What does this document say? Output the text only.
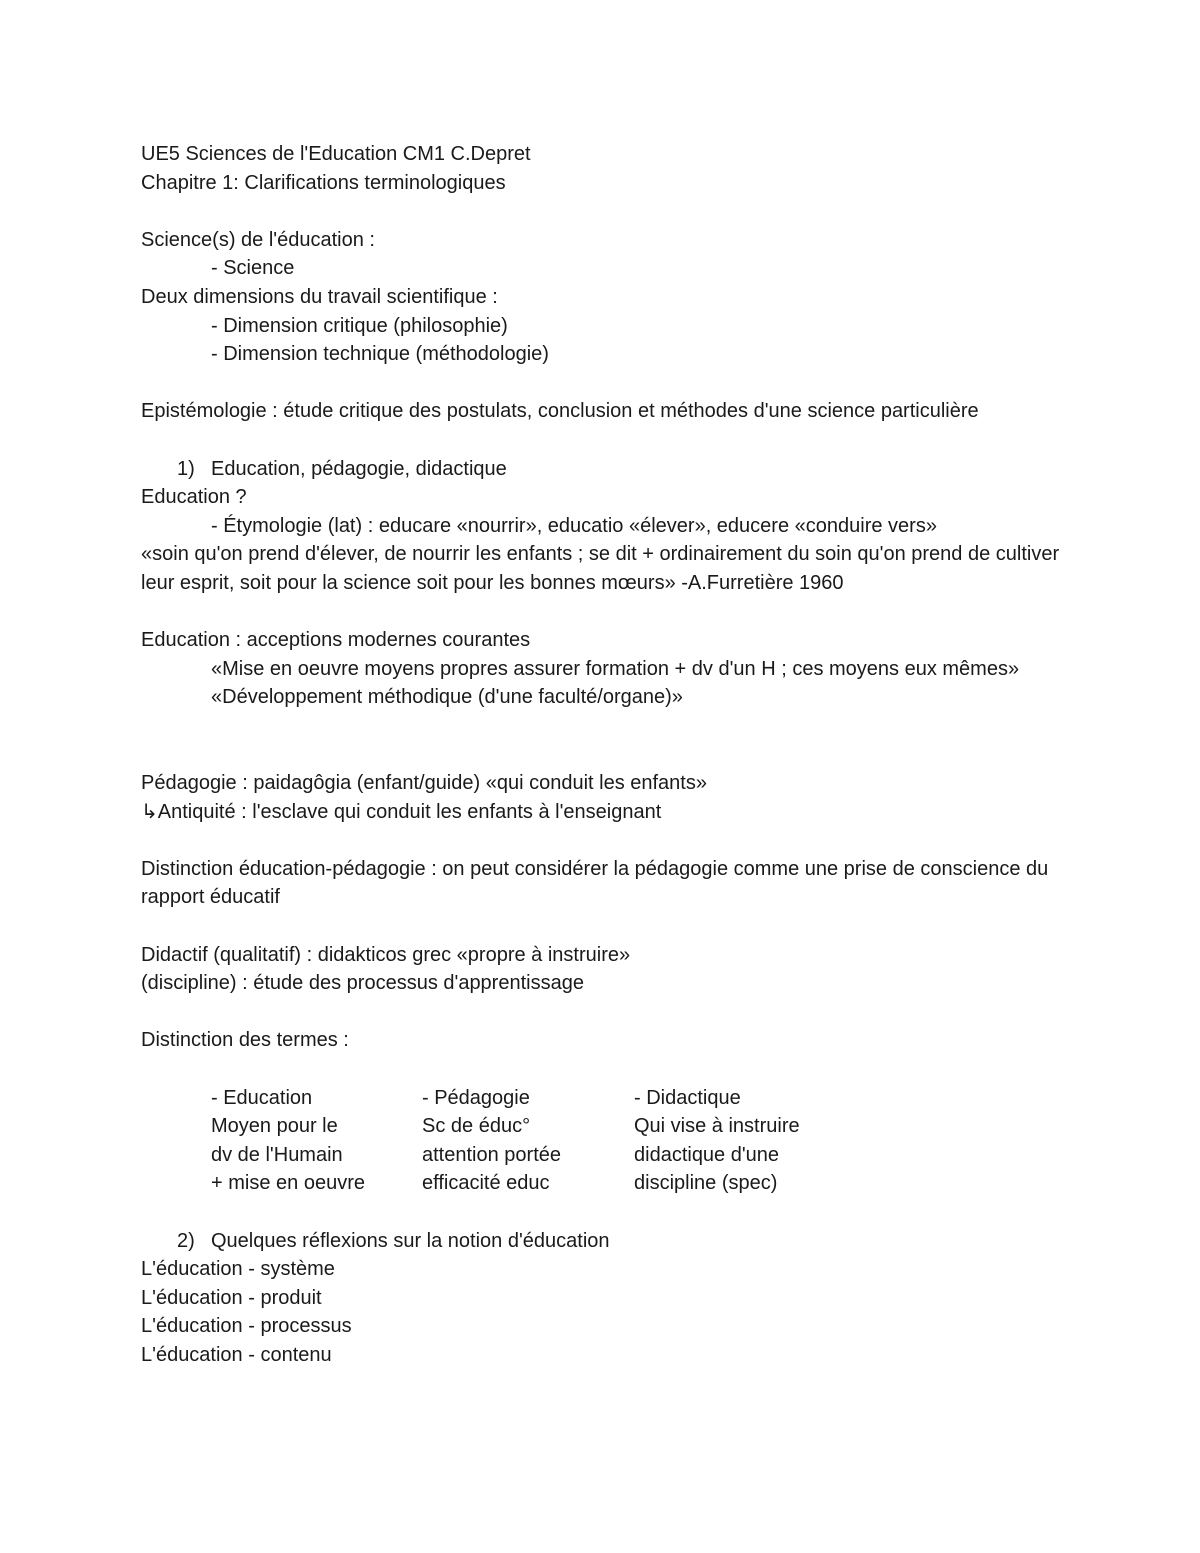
UE5 Sciences de l'Education CM1 C.Depret
Chapitre 1: Clarifications terminologiques
Science(s) de l'éducation :
- Science
Deux dimensions du travail scientifique :
- Dimension critique (philosophie)
- Dimension technique (méthodologie)
Epistémologie : étude critique des postulats, conclusion et méthodes d'une science particulière
1) Education, pédagogie, didactique
Education ?
- Étymologie (lat) : educare «nourrir», educatio «élever», educere «conduire vers»
«soin qu'on prend d'élever, de nourrir les enfants ; se dit + ordinairement du soin qu'on prend de cultiver leur esprit, soit pour la science soit pour les bonnes mœurs» -A.Furretière 1960
Education : acceptions modernes courantes
«Mise en oeuvre moyens propres assurer formation + dv d'un H ; ces moyens eux mêmes»
«Développement méthodique (d'une faculté/organe)»
Pédagogie : paidagôgia (enfant/guide) «qui conduit les enfants»
↳Antiquité : l'esclave qui conduit les enfants à l'enseignant
Distinction éducation-pédagogie : on peut considérer la pédagogie comme une prise de conscience du rapport éducatif
Didactif (qualitatif) : didakticos grec «propre à instruire»
(discipline) : étude des processus d'apprentissage
Distinction des termes :
- Education	- Pédagogie	- Didactique
Moyen pour le	Sc de éduc°	Qui vise à instruire
dv de l'Humain	attention portée	didactique d'une
+ mise en oeuvre	efficacité educ	discipline (spec)
2) Quelques réflexions sur la notion d'éducation
L'éducation - système
L'éducation - produit
L'éducation - processus
L'éducation - contenu
